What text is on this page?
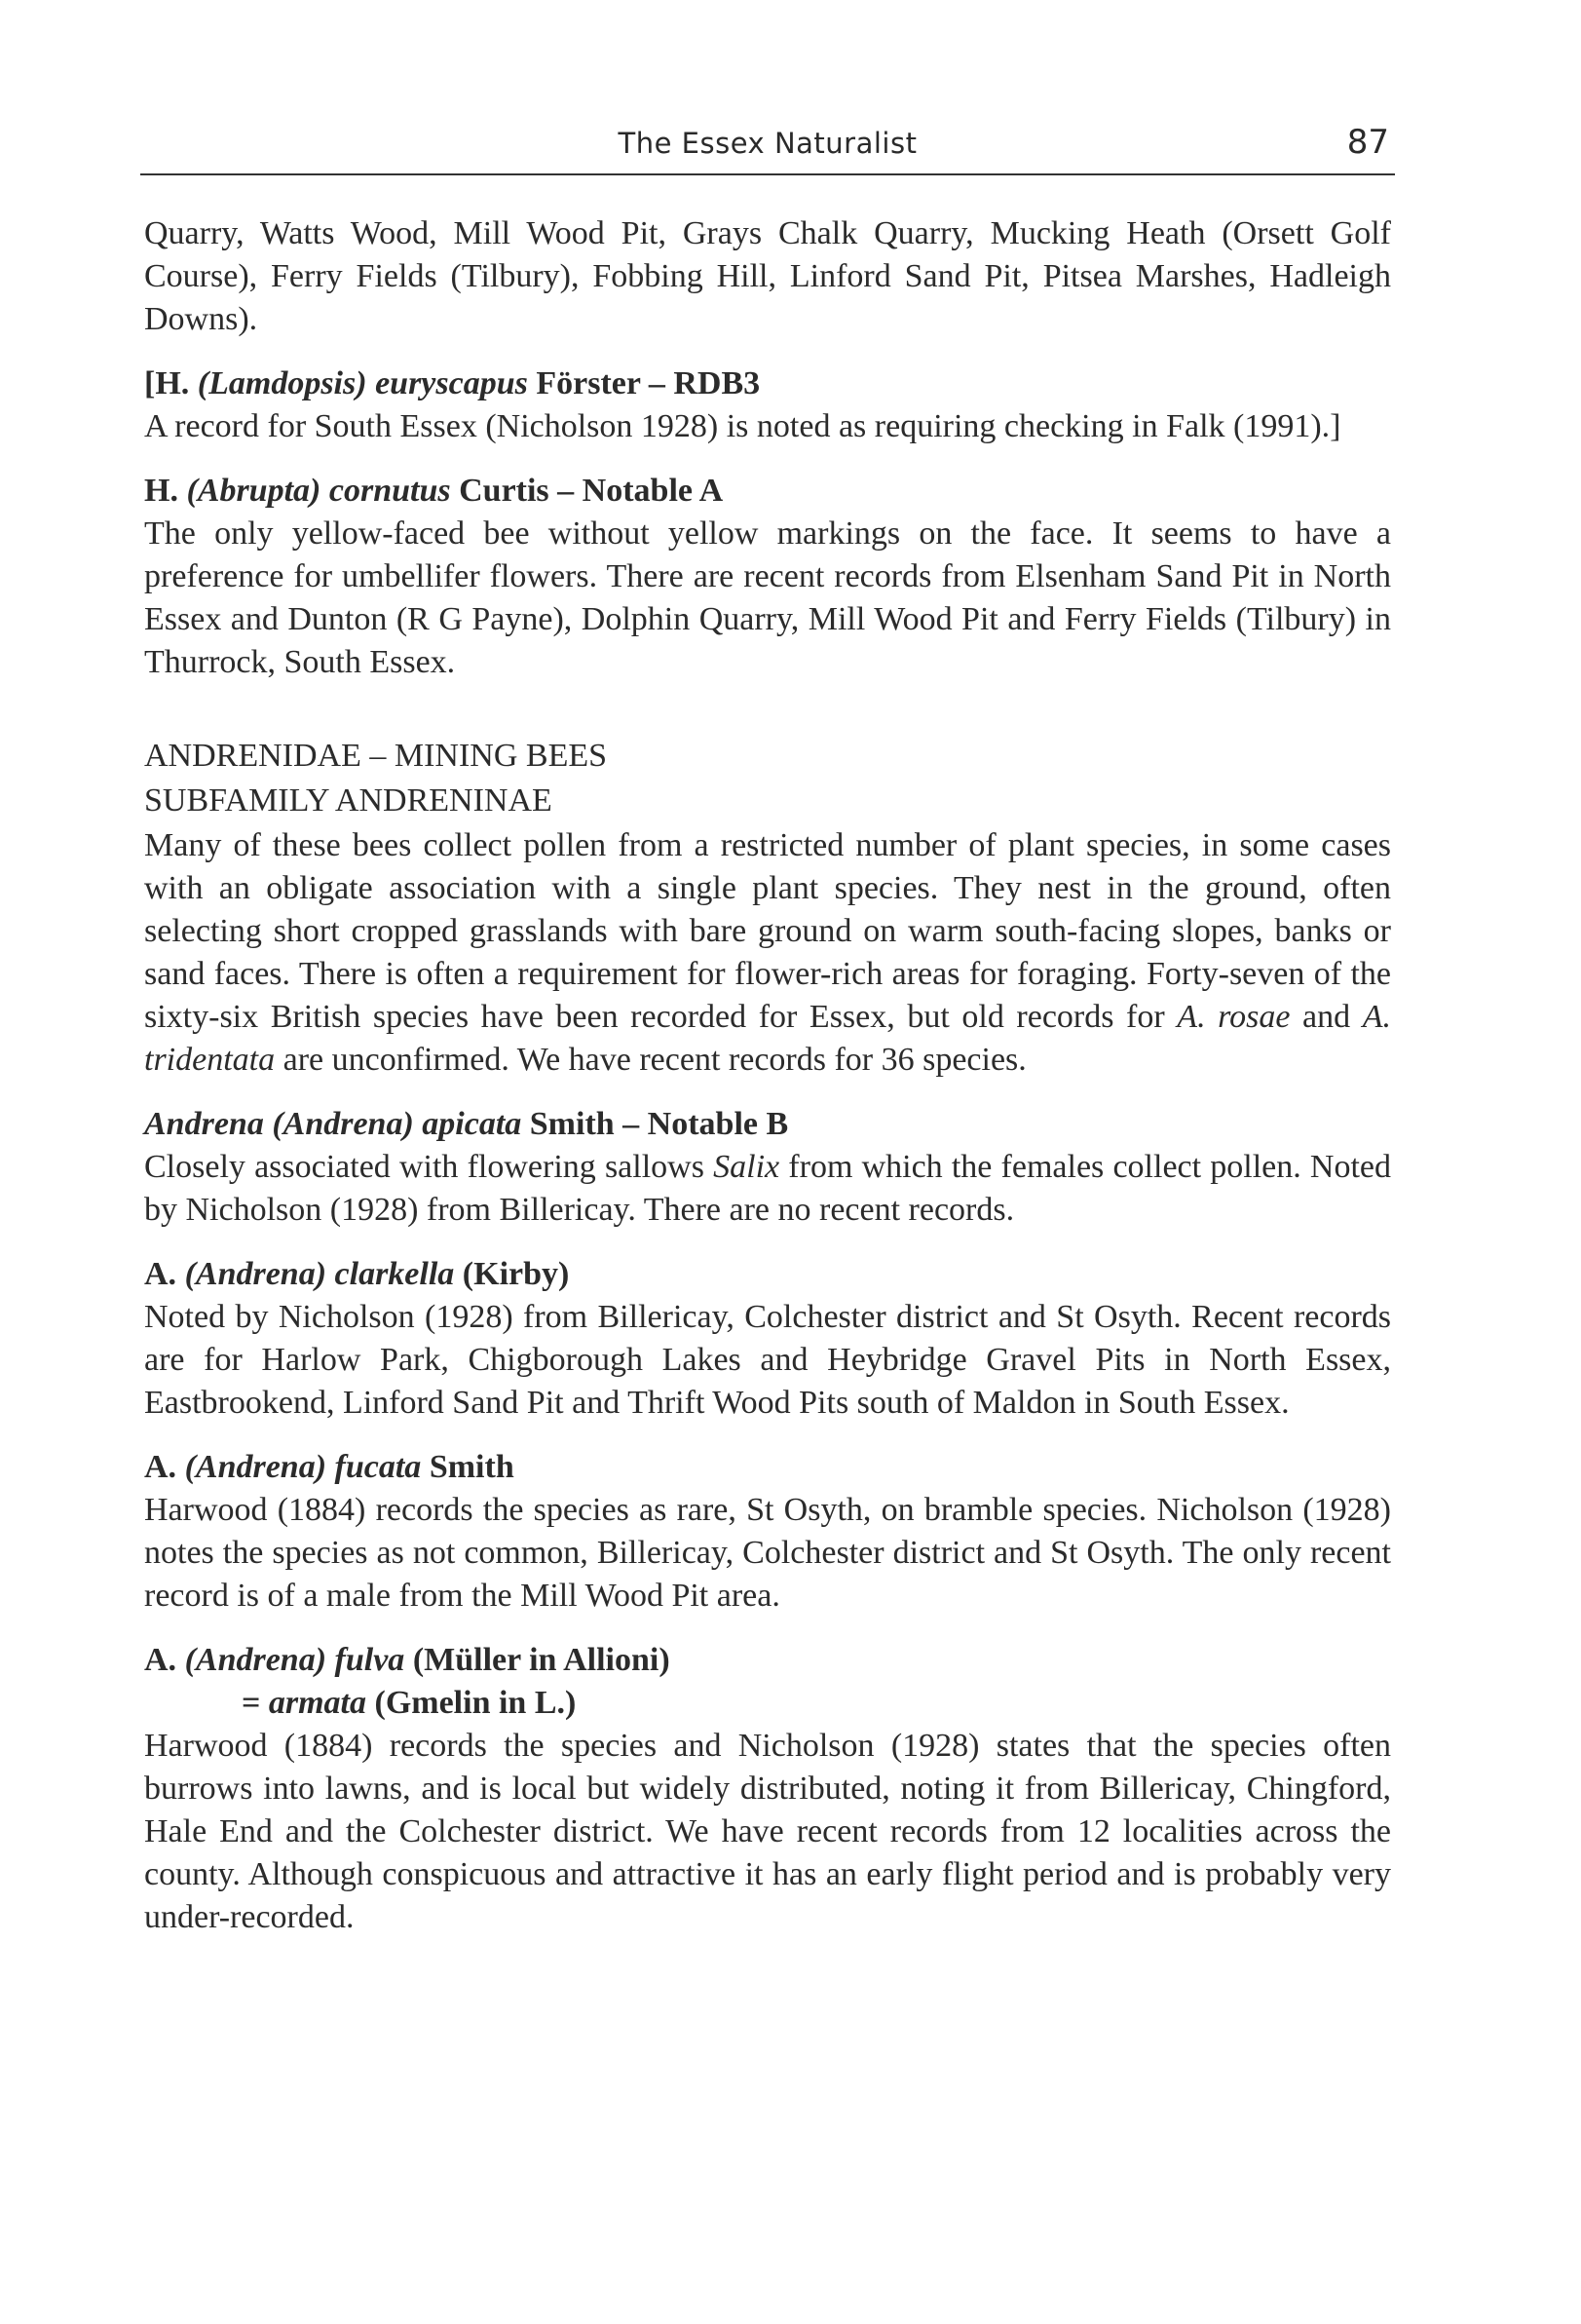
The Essex Naturalist	87

Quarry, Watts Wood, Mill Wood Pit, Grays Chalk Quarry, Mucking Heath (Orsett Golf Course), Ferry Fields (Tilbury), Fobbing Hill, Linford Sand Pit, Pitsea Marshes, Hadleigh Downs).

[H. (Lamdopsis) euryscapus Förster – RDB3

A record for South Essex (Nicholson 1928) is noted as requiring checking in Falk (1991).]

H. (Abrupta) cornutus Curtis – Notable A

The only yellow-faced bee without yellow markings on the face. It seems to have a preference for umbellifer flowers. There are recent records from Elsenham Sand Pit in North Essex and Dunton (R G Payne), Dolphin Quarry, Mill Wood Pit and Ferry Fields (Tilbury) in Thurrock, South Essex.

ANDRENIDAE – MINING BEES
SUBFAMILY ANDRENINAE

Many of these bees collect pollen from a restricted number of plant species, in some cases with an obligate association with a single plant species. They nest in the ground, often selecting short cropped grasslands with bare ground on warm south-facing slopes, banks or sand faces. There is often a requirement for flower-rich areas for foraging. Forty-seven of the sixty-six British species have been recorded for Essex, but old records for A. rosae and A. tridentata are unconfirmed. We have recent records for 36 species.

Andrena (Andrena) apicata Smith – Notable B

Closely associated with flowering sallows Salix from which the females collect pollen. Noted by Nicholson (1928) from Billericay. There are no recent records.

A. (Andrena) clarkella (Kirby)

Noted by Nicholson (1928) from Billericay, Colchester district and St Osyth. Recent records are for Harlow Park, Chigborough Lakes and Heybridge Gravel Pits in North Essex, Eastbrookend, Linford Sand Pit and Thrift Wood Pits south of Maldon in South Essex.

A. (Andrena) fucata Smith

Harwood (1884) records the species as rare, St Osyth, on bramble species. Nicholson (1928) notes the species as not common, Billericay, Colchester district and St Osyth. The only recent record is of a male from the Mill Wood Pit area.

A. (Andrena) fulva (Müller in Allioni)
= armata (Gmelin in L.)

Harwood (1884) records the species and Nicholson (1928) states that the species often burrows into lawns, and is local but widely distributed, noting it from Billericay, Chingford, Hale End and the Colchester district. We have recent records from 12 localities across the county. Although conspicuous and attractive it has an early flight period and is probably very under-recorded.
